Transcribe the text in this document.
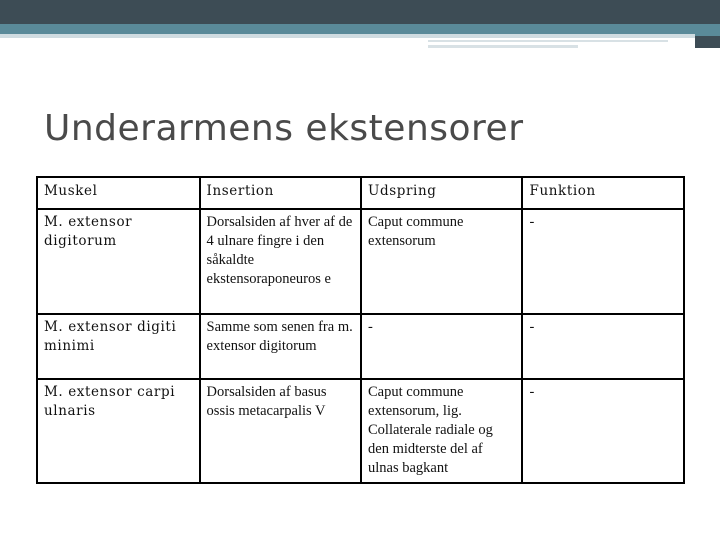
Underarmens ekstensorer
Muskel	Insertion	Udspring	Funktion
M. extensor digitorum	Dorsalsiden af hver af de 4 ulnare fingre i den såkaldte ekstensoraponeuros e	Caput commune extensorum	-
M. extensor digiti minimi	Samme som senen fra m. extensor digitorum	-	-
M. extensor carpi ulnaris	Dorsalsiden af basus ossis metacarpalis V	Caput commune extensorum, lig. Collaterale radiale og den midterste del af ulnas bagkant	-
